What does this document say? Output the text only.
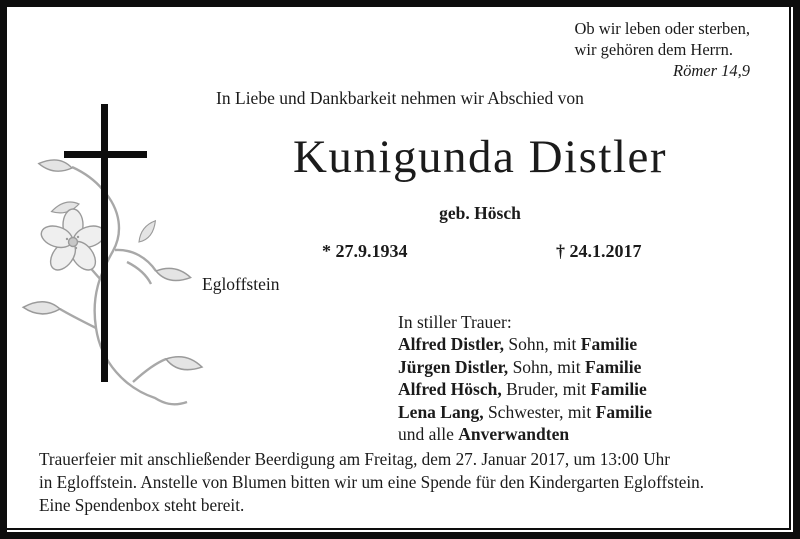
Ob wir leben oder sterben,
wir gehören dem Herrn.
Römer 14,9
In Liebe und Dankbarkeit nehmen wir Abschied von
Kunigunda Distler
geb. Hösch
* 27.9.1934	† 24.1.2017
Egloffstein
In stiller Trauer:
Alfred Distler, Sohn, mit Familie
Jürgen Distler, Sohn, mit Familie
Alfred Hösch, Bruder, mit Familie
Lena Lang, Schwester, mit Familie
und alle Anverwandten
Trauerfeier mit anschließender Beerdigung am Freitag, dem 27. Januar 2017, um 13:00 Uhr
in Egloffstein. Anstelle von Blumen bitten wir um eine Spende für den Kindergarten Egloffstein.
Eine Spendenbox steht bereit.
